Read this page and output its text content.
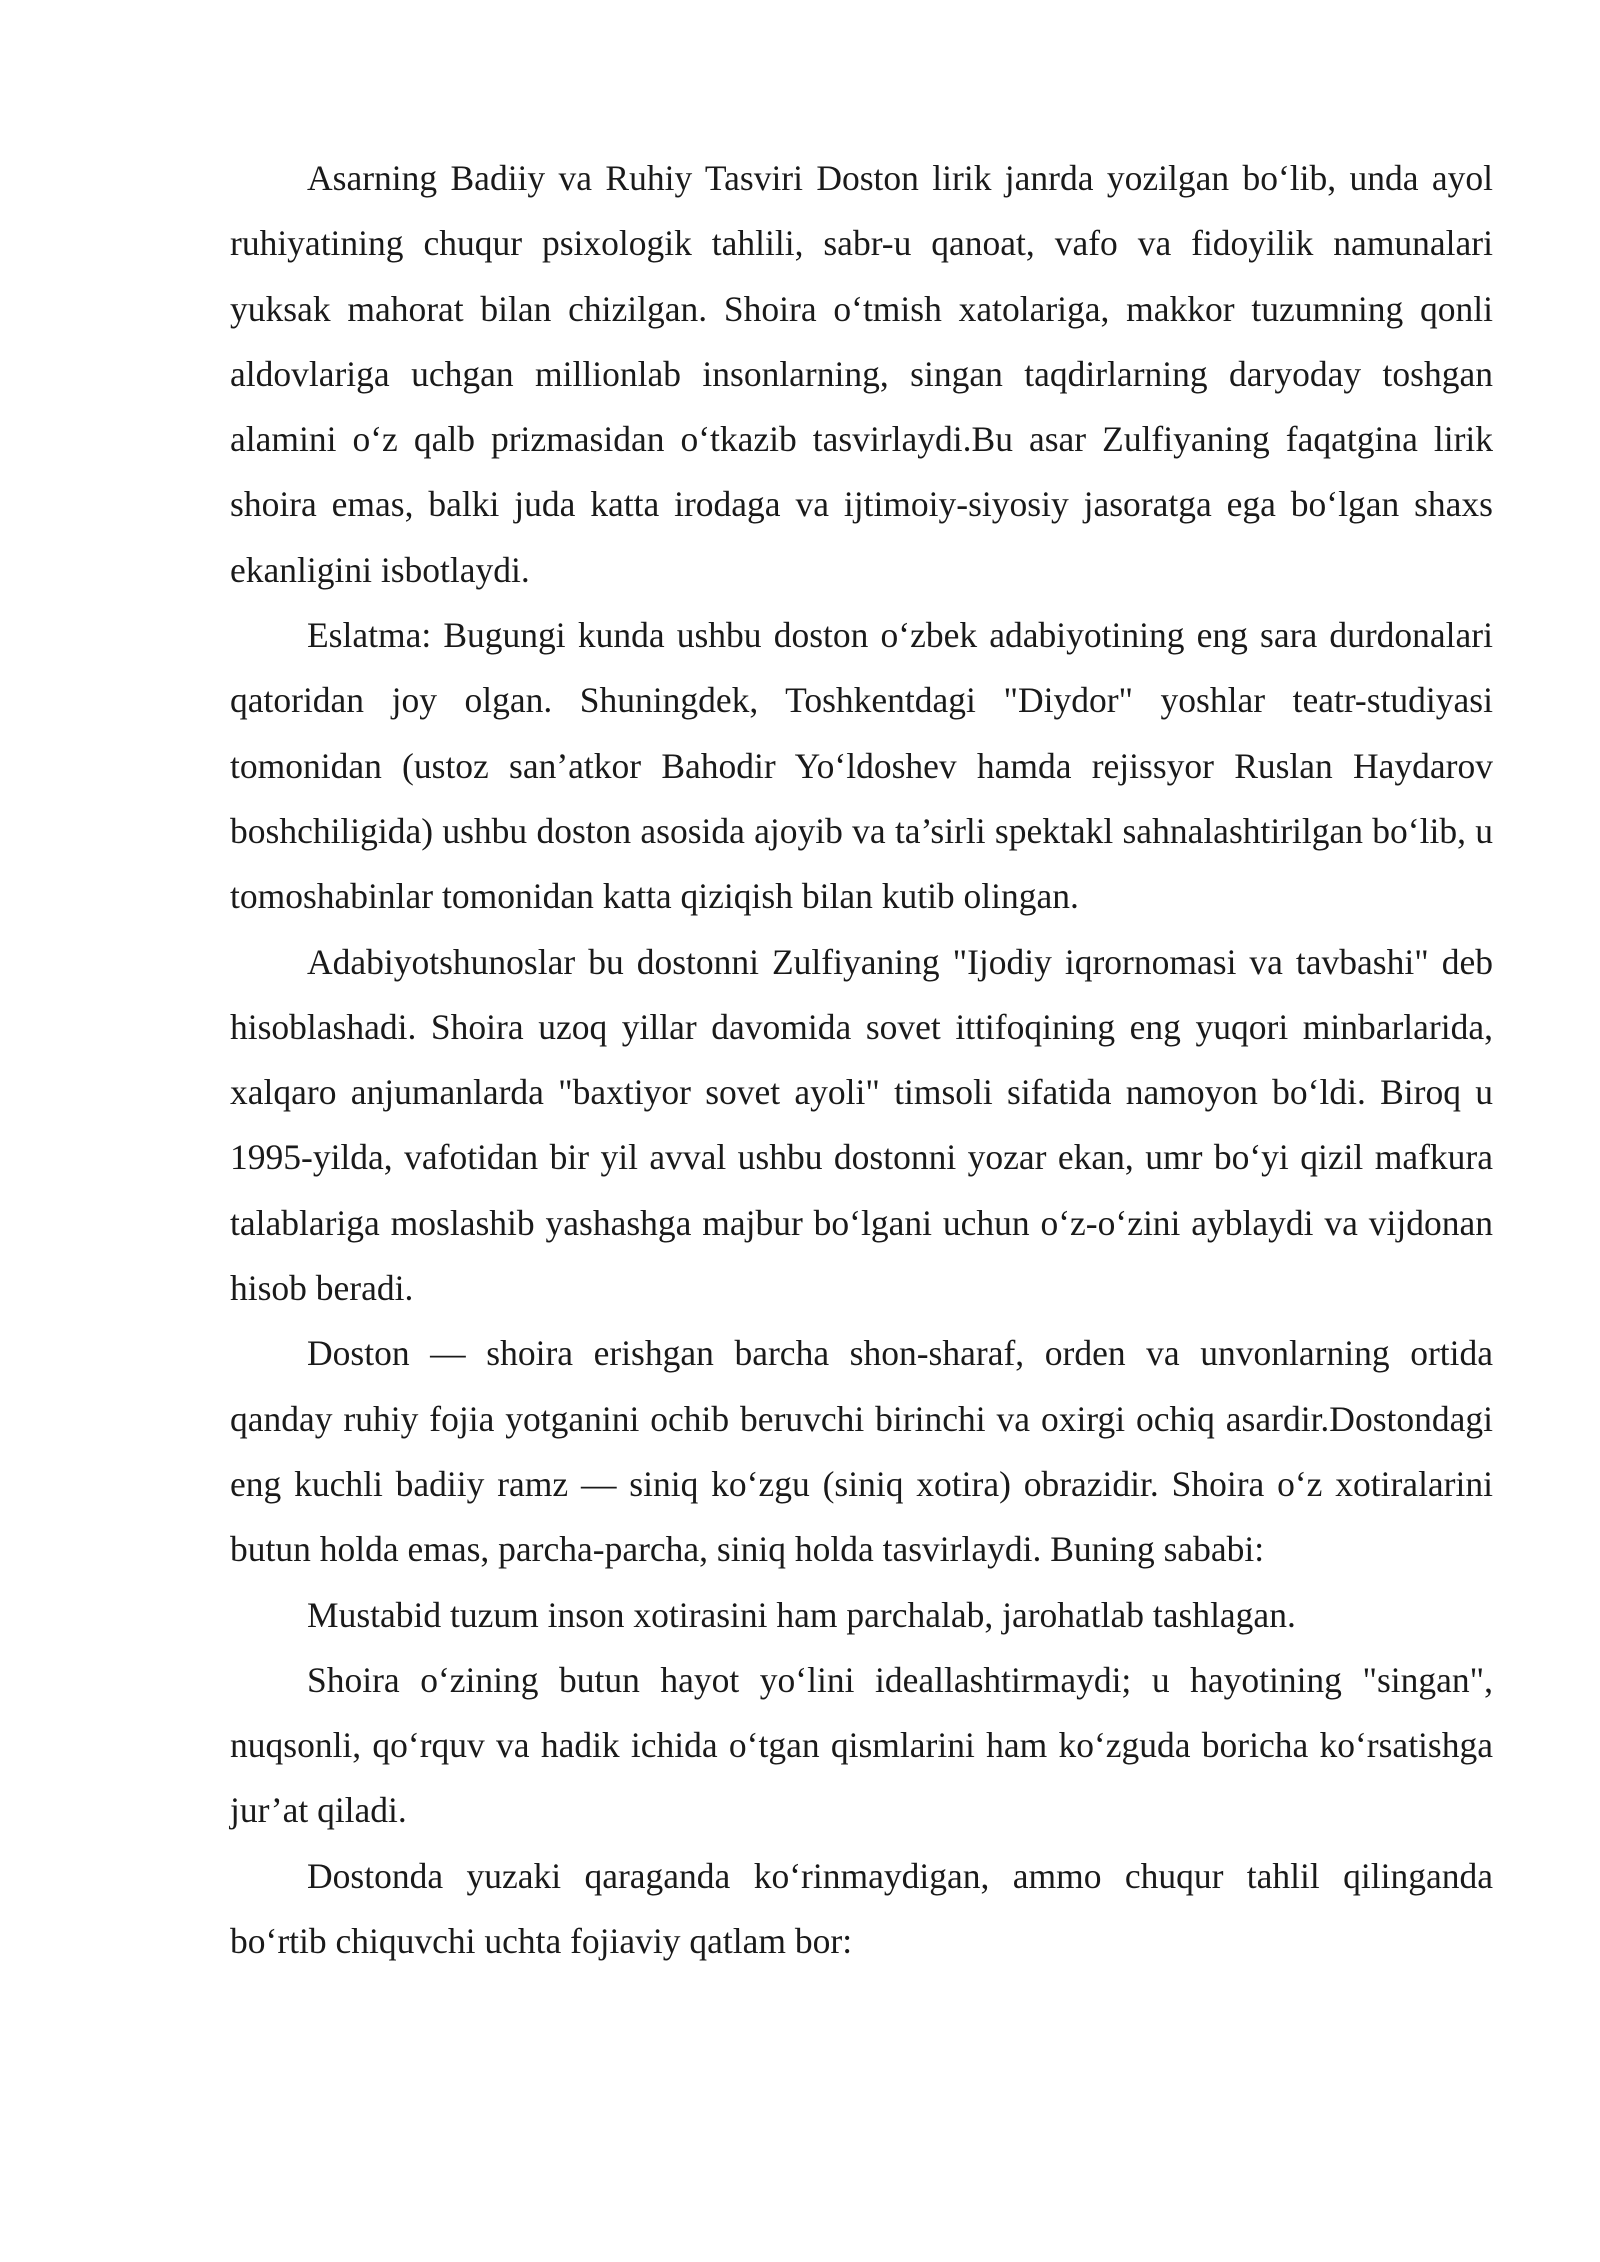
Asarning Badiiy va Ruhiy Tasviri Doston lirik janrda yozilgan bo‘lib, unda ayol ruhiyatining chuqur psixologik tahlili, sabr-u qanoat, vafo va fidoyilik namunalari yuksak mahorat bilan chizilgan. Shoira o‘tmish xatolariga, makkor tuzumning qonli aldovlariga uchgan millionlab insonlarning, singan taqdirlarning daryoday toshgan alamini o‘z qalb prizmasidan o‘tkazib tasvirlaydi.Bu asar Zulfiyaning faqatgina lirik shoira emas, balki juda katta irodaga va ijtimoiy-siyosiy jasoratga ega bo‘lgan shaxs ekanligini isbotlaydi.

Eslatma: Bugungi kunda ushbu doston o‘zbek adabiyotining eng sara durdonalari qatoridan joy olgan. Shuningdek, Toshkentdagi "Diydor" yoshlar teatr-studiyasi tomonidan (ustoz san’atkor Bahodir Yo‘ldoshev hamda rejissyor Ruslan Haydarov boshchiligida) ushbu doston asosida ajoyib va ta’sirli spektakl sahnalashtirilgan bo‘lib, u tomoshabinlar tomonidan katta qiziqish bilan kutib olingan.

Adabiyotshunoslar bu dostonni Zulfiyaning "Ijodiy iqrornomasi va tavbashi" deb hisoblashadi. Shoira uzoq yillar davomida sovet ittifoqining eng yuqori minbarlarida, xalqaro anjumanlarda "baxtiyor sovet ayoli" timsoli sifatida namoyon bo‘ldi. Biroq u 1995-yilda, vafotidan bir yil avval ushbu dostonni yozar ekan, umr bo‘yi qizil mafkura talablariga moslashib yashashga majbur bo‘lgani uchun o‘z-o‘zini ayblaydi va vijdonan hisob beradi.

Doston — shoira erishgan barcha shon-sharaf, orden va unvonlarning ortida qanday ruhiy fojia yotganini ochib beruvchi birinchi va oxirgi ochiq asardir.Dostondagi eng kuchli badiiy ramz — siniq ko‘zgu (siniq xotira) obrazidir. Shoira o‘z xotiralarini butun holda emas, parcha-parcha, siniq holda tasvirlaydi. Buning sababi:

Mustabid tuzum inson xotirasini ham parchalab, jarohatlab tashlagan.

Shoira o‘zining butun hayot yo‘lini ideallashtirmaydi; u hayotining "singan", nuqsonli, qo‘rquv va hadik ichida o‘tgan qismlarini ham ko‘zguda boricha ko‘rsatishga jur’at qiladi.

Dostonda yuzaki qaraganda ko‘rinmaydigan, ammo chuqur tahlil qilinganda bo‘rtib chiquvchi uchta fojiaviy qatlam bor:
